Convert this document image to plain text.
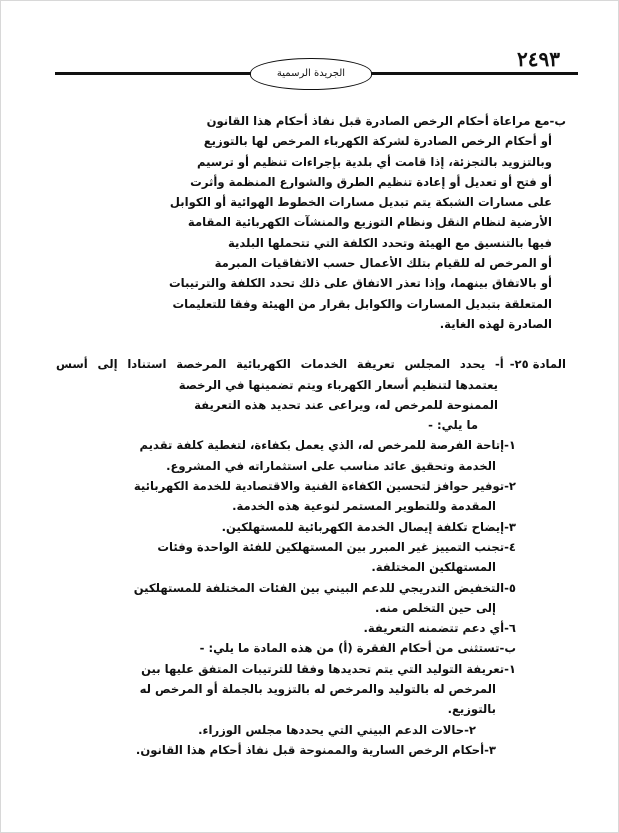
٢٤٩٣
الجريدة الرسمية

ب-مع مراعاة أحكام الرخص الصادرة قبل نفاذ أحكام هذا القانون

أو أحكام الرخص الصادرة لشركة الكهرباء المرخص لها بالتوزيع

وبالتزويد بالتجزئة، إذا قامت أي بلدية بإجراءات تنظيم أو ترسيم

أو فتح أو تعديل أو إعادة تنظيم الطرق والشوارع المنظمة وأثرت

على مسارات الشبكة يتم تبديل مسارات الخطوط الهوائية أو الكوابل

الأرضية لنظام النقل ونظام التوزيع والمنشآت الكهربائية المقامة

فيها بالتنسيق مع الهيئة وتحدد الكلفة التي تتحملها البلدية

أو المرخص له للقيام بتلك الأعمال حسب الاتفاقيات المبرمة

أو بالاتفاق بينهما، وإذا تعذر الاتفاق على ذلك تحدد الكلفة والترتيبات

المتعلقة بتبديل المسارات والكوابل بقرار من الهيئة وفقا للتعليمات

الصادرة لهذه الغاية.

المادة ٢٥-
أ- يحدد المجلس تعريفة الخدمات الكهربائية المرخصة استنادا إلى أسس

يعتمدها لتنظيم أسعار الكهرباء ويتم تضمينها في الرخصة

الممنوحة للمرخص له، ويراعى عند تحديد هذه التعريفة

ما يلي: -

١-إتاحة الفرصة للمرخص له، الذي يعمل بكفاءة، لتغطية كلفة تقديم

الخدمة وتحقيق عائد مناسب على استثماراته في المشروع.

٢-توفير حوافز لتحسين الكفاءة الفنية والاقتصادية للخدمة الكهربائية

المقدمة وللتطوير المستمر لنوعية هذه الخدمة.

٣-إيضاح تكلفة إيصال الخدمة الكهربائية للمستهلكين.

٤-تجنب التمييز غير المبرر بين المستهلكين للفئة الواحدة وفئات

المستهلكين المختلفة.

٥-التخفيض التدريجي للدعم البيني بين الفئات المختلفة للمستهلكين

إلى حين التخلص منه.

٦-أي دعم تتضمنه التعريفة.

ب-تستثنى من أحكام الفقرة (أ) من هذه المادة ما يلي: -

١-تعريفة التوليد التي يتم تحديدها وفقا للترتيبات المتفق عليها بين

المرخص له بالتوليد والمرخص له بالتزويد بالجملة أو المرخص له

بالتوزيع.

٢-حالات الدعم البيني التي يحددها مجلس الوزراء.

٣-أحكام الرخص السارية والممنوحة قبل نفاذ أحكام هذا القانون.
